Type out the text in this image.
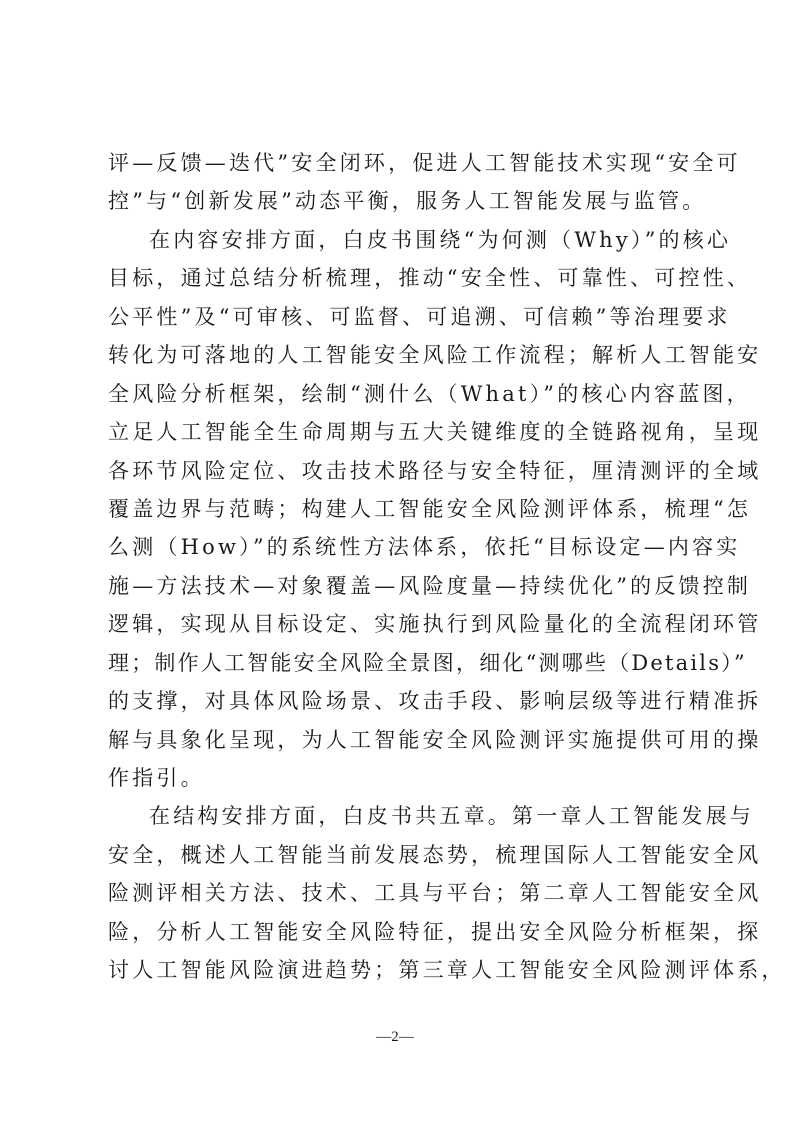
评—反馈—迭代”安全闭环，促进人工智能技术实现“安全可
控”与“创新发展”动态平衡，服务人工智能发展与监管。
在内容安排方面，白皮书围绕“为何测（Why）”的核心
目标，通过总结分析梳理，推动“安全性、可靠性、可控性、
公平性”及“可审核、可监督、可追溯、可信赖”等治理要求
转化为可落地的人工智能安全风险工作流程；解析人工智能安
全风险分析框架，绘制“测什么（What）”的核心内容蓝图，
立足人工智能全生命周期与五大关键维度的全链路视角，呈现
各环节风险定位、攻击技术路径与安全特征，厘清测评的全域
覆盖边界与范畴；构建人工智能安全风险测评体系，梳理“怎
么测（How）”的系统性方法体系，依托“目标设定—内容实
施—方法技术—对象覆盖—风险度量—持续优化”的反馈控制
逻辑，实现从目标设定、实施执行到风险量化的全流程闭环管
理；制作人工智能安全风险全景图，细化“测哪些（Details）”
的支撑，对具体风险场景、攻击手段、影响层级等进行精准拆
解与具象化呈现，为人工智能安全风险测评实施提供可用的操
作指引。
在结构安排方面，白皮书共五章。第一章人工智能发展与
安全，概述人工智能当前发展态势，梳理国际人工智能安全风
险测评相关方法、技术、工具与平台；第二章人工智能安全风
险，分析人工智能安全风险特征，提出安全风险分析框架，探
讨人工智能风险演进趋势；第三章人工智能安全风险测评体系，
—2—
